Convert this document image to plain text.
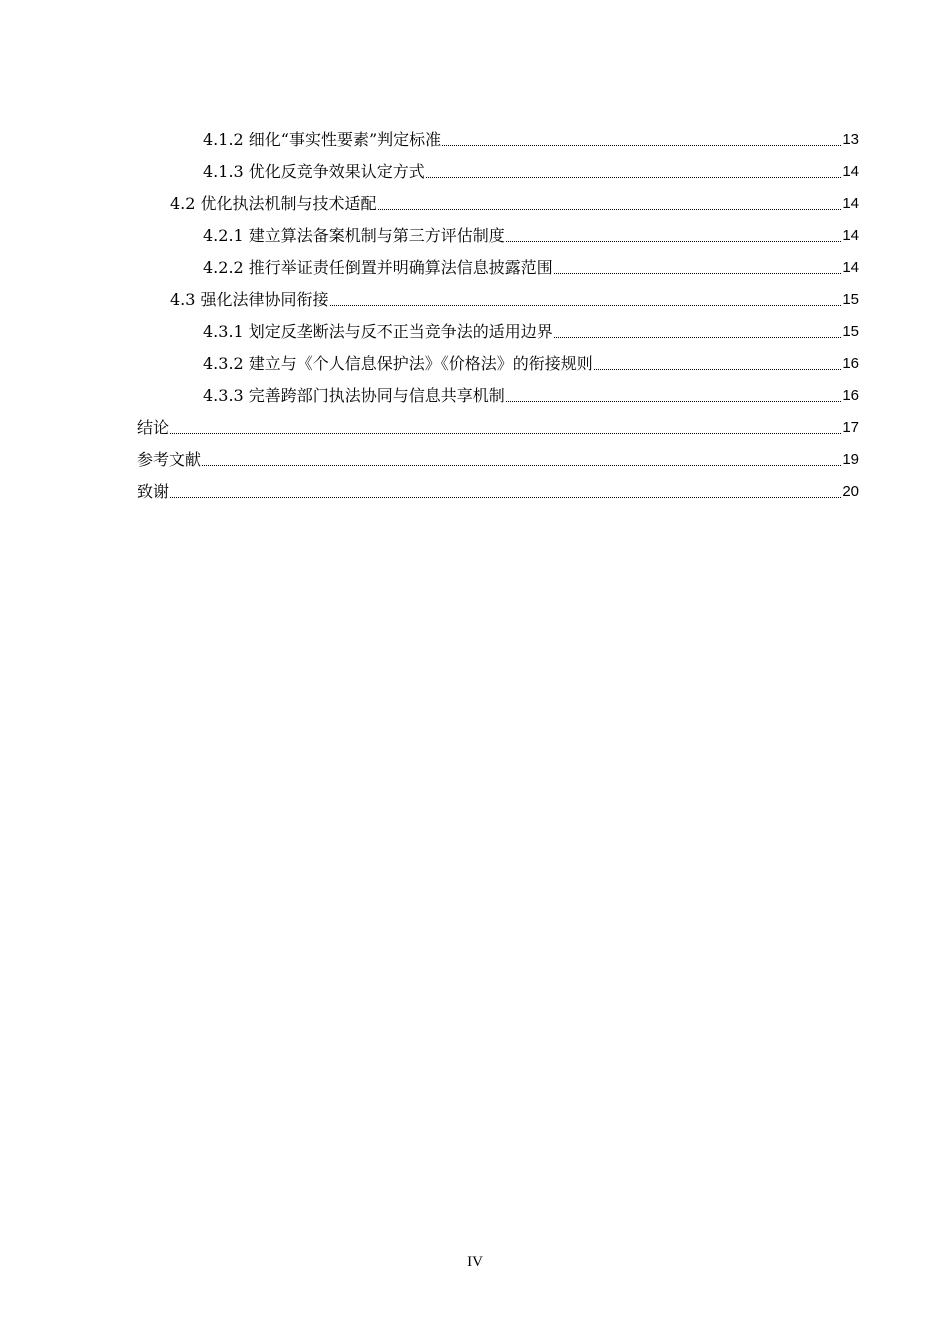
4.1.2 细化“事实性要素”判定标准	13
4.1.3 优化反竞争效果认定方式	14
4.2 优化执法机制与技术适配	14
4.2.1 建立算法备案机制与第三方评估制度	14
4.2.2 推行举证责任倒置并明确算法信息披露范围	14
4.3 强化法律协同衔接	15
4.3.1 划定反垄断法与反不正当竞争法的适用边界	15
4.3.2 建立与《个人信息保护法》《价格法》的衔接规则	16
4.3.3 完善跨部门执法协同与信息共享机制	16
结论	17
参考文献	19
致谢	20
IV
